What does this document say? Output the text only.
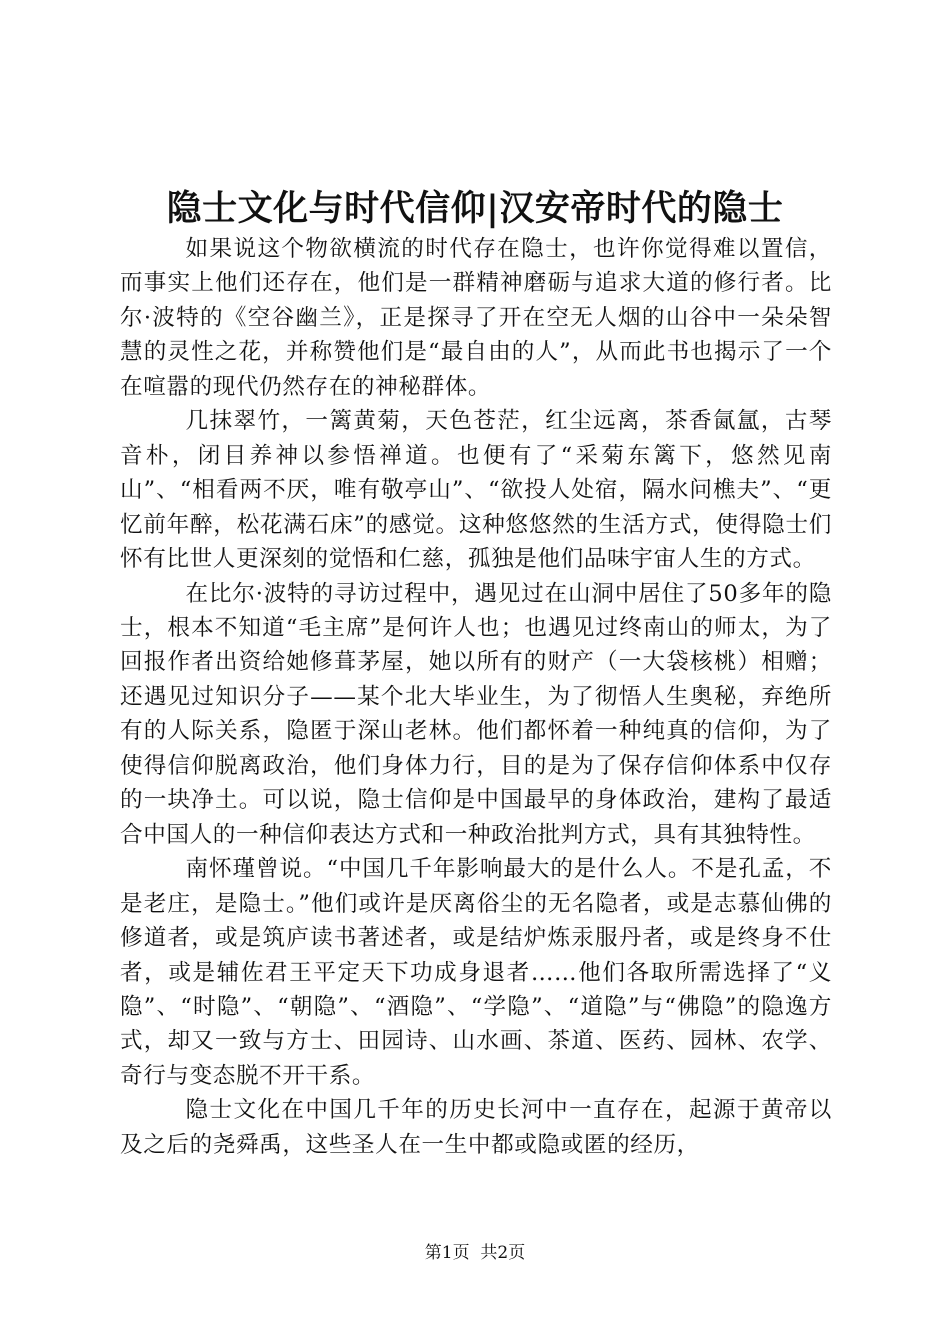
隐士文化与时代信仰|汉安帝时代的隐士

如果说这个物欲横流的时代存在隐士，也许你觉得难以置信，而事实上他们还存在，他们是一群精神磨砺与追求大道的修行者。比尔·波特的《空谷幽兰》，正是探寻了开在空无人烟的山谷中一朵朵智慧的灵性之花，并称赞他们是“最自由的人”，从而此书也揭示了一个在喧嚣的现代仍然存在的神秘群体。

几抹翠竹，一篱黄菊，天色苍茫，红尘远离，茶香氤氲，古琴音朴，闭目养神以参悟禅道。也便有了“采菊东篱下，悠然见南山”、“相看两不厌，唯有敬亭山”、“欲投人处宿，隔水问樵夫”、“更忆前年醉，松花满石床”的感觉。这种悠悠然的生活方式，使得隐士们怀有比世人更深刻的觉悟和仁慈，孤独是他们品味宇宙人生的方式。

在比尔·波特的寻访过程中，遇见过在山洞中居住了50多年的隐士，根本不知道“毛主席”是何许人也；也遇见过终南山的师太，为了回报作者出资给她修葺茅屋，她以所有的财产（一大袋核桃）相赠；还遇见过知识分子——某个北大毕业生，为了彻悟人生奥秘，弃绝所有的人际关系，隐匿于深山老林。他们都怀着一种纯真的信仰，为了使得信仰脱离政治，他们身体力行，目的是为了保存信仰体系中仅存的一块净土。可以说，隐士信仰是中国最早的身体政治，建构了最适合中国人的一种信仰表达方式和一种政治批判方式，具有其独特性。

南怀瑾曾说。“中国几千年影响最大的是什么人。不是孔孟，不是老庄，是隐士。”他们或许是厌离俗尘的无名隐者，或是志慕仙佛的修道者，或是筑庐读书著述者，或是结炉炼汞服丹者，或是终身不仕者，或是辅佐君王平定天下功成身退者……他们各取所需选择了“义隐”、“时隐”、“朝隐”、“酒隐”、“学隐”、“道隐”与“佛隐”的隐逸方式，却又一致与方士、田园诗、山水画、茶道、医药、园林、农学、奇行与变态脱不开干系。

隐士文化在中国几千年的历史长河中一直存在，起源于黄帝以及之后的尧舜禹，这些圣人在一生中都或隐或匿的经历，

第1页 共2页
